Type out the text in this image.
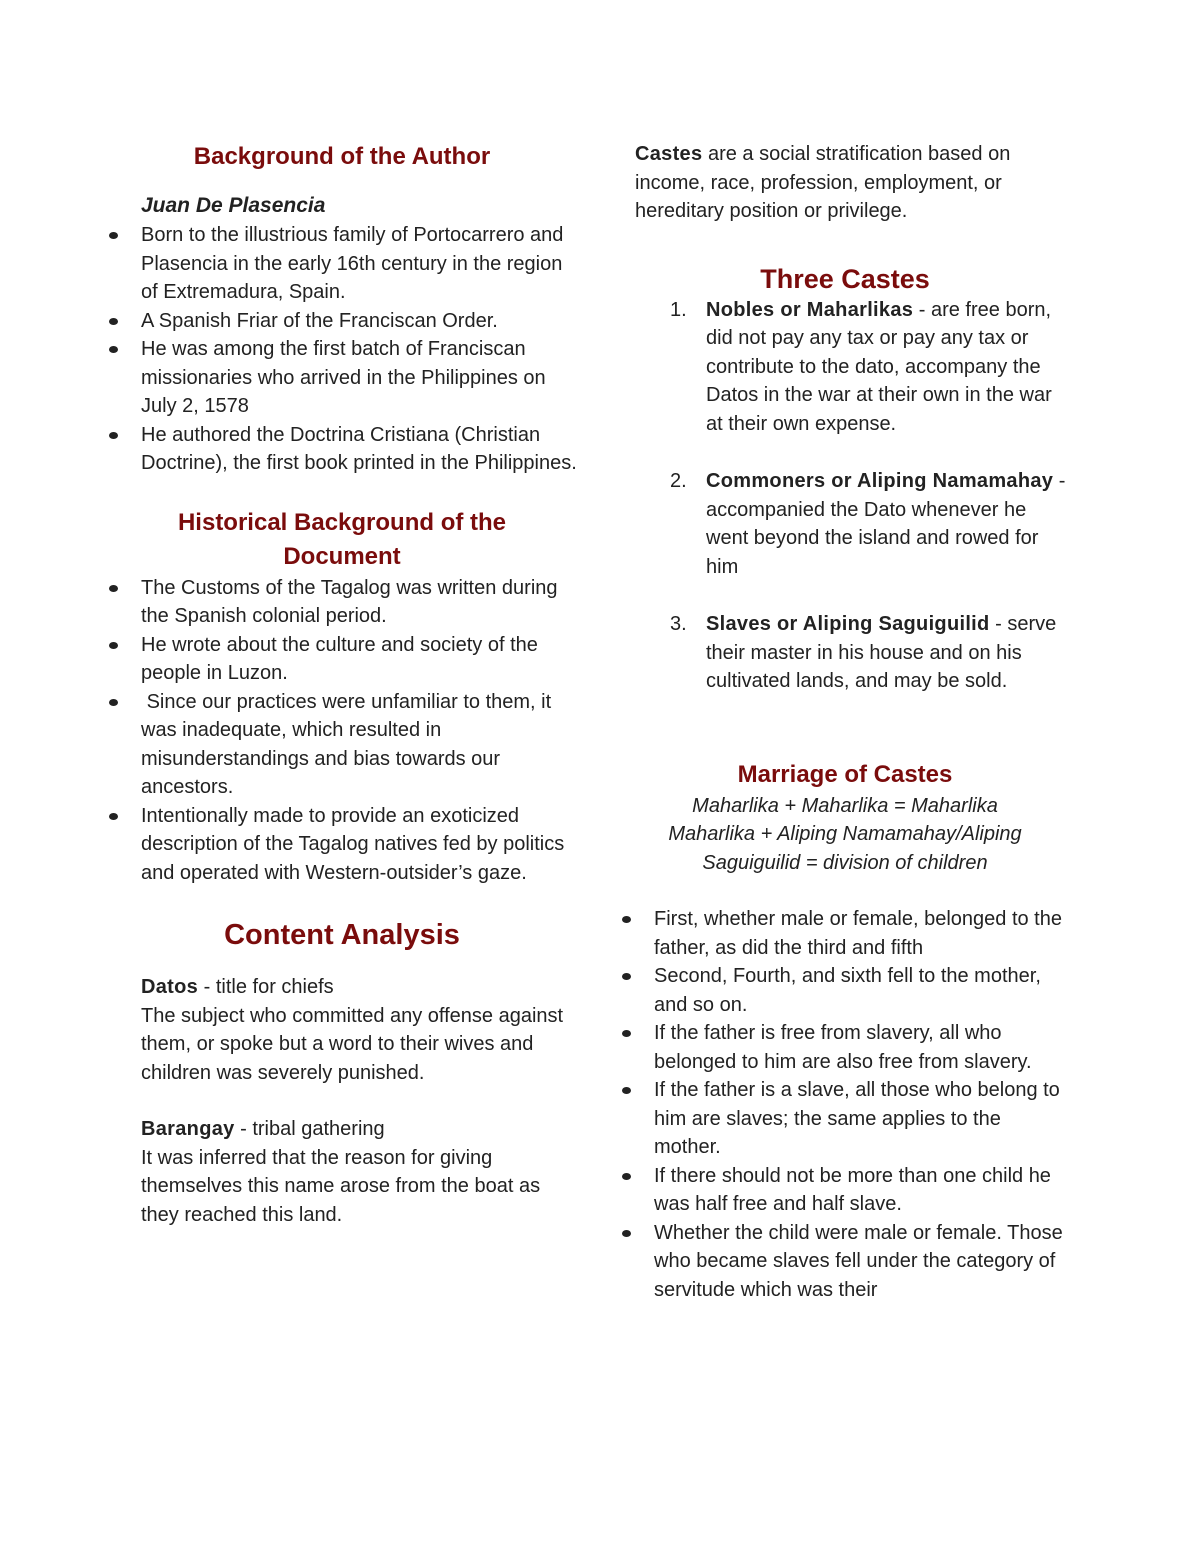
Background of the Author
Juan De Plasencia
Born to the illustrious family of Portocarrero and Plasencia in the early 16th century in the region of Extremadura, Spain.
A Spanish Friar of the Franciscan Order.
He was among the first batch of Franciscan missionaries who arrived in the Philippines on July 2, 1578
He authored the Doctrina Cristiana (Christian Doctrine), the first book printed in the Philippines.
Historical Background of the Document
The Customs of the Tagalog was written during the Spanish colonial period.
He wrote about the culture and society of the people in Luzon.
Since our practices were unfamiliar to them, it was inadequate, which resulted in misunderstandings and bias towards our ancestors.
Intentionally made to provide an exoticized description of the Tagalog natives fed by politics and operated with Western-outsider’s gaze.
Content Analysis

Datos - title for chiefs

The subject who committed any offense against them, or spoke but a word to their wives and children was severely punished.

Barangay - tribal gathering

It was inferred that the reason for giving themselves this name arose from the boat as they reached this land.

Castes are a social stratification based on income, race, profession, employment, or hereditary position or privilege.

Three Castes
1. Nobles or Maharlikas - are free born, did not pay any tax or pay any tax or contribute to the dato, accompany the Datos in the war at their own in the war at their own expense.
2. Commoners or Aliping Namamahay - accompanied the Dato whenever he went beyond the island and rowed for him
3. Slaves or Aliping Saguiguilid - serve their master in his house and on his cultivated lands, and may be sold.
Marriage of Castes
Maharlika + Maharlika = Maharlika
Maharlika + Aliping Namamahay/Aliping Saguiguilid = division of children
First, whether male or female, belonged to the father, as did the third and fifth
Second, Fourth, and sixth fell to the mother, and so on.
If the father is free from slavery, all who belonged to him are also free from slavery.
If the father is a slave, all those who belong to him are slaves; the same applies to the mother.
If there should not be more than one child he was half free and half slave.
Whether the child were male or female. Those who became slaves fell under the category of servitude which was their
